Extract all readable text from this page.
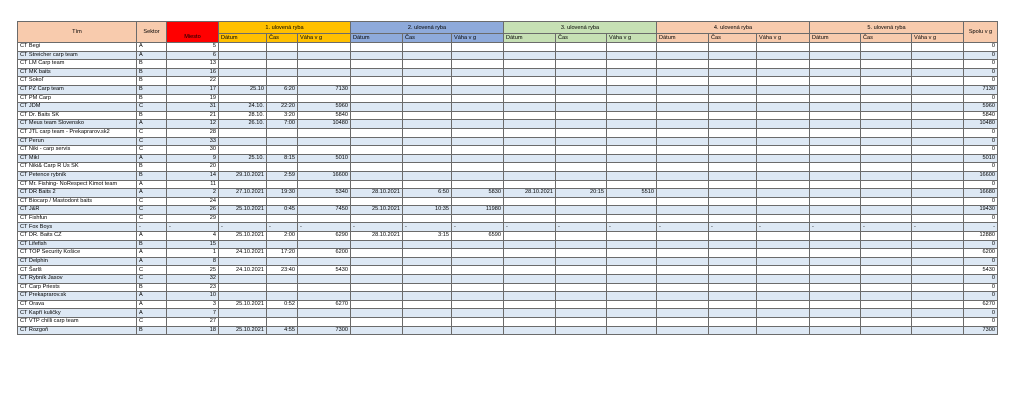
Tím	Sektor	Miesto	1. ulovená ryba			2. ulovená ryba			3. ulovená ryba			4. ulovená ryba			5. ulovená ryba			Spolu v g
			Dátum	Čas	Váha v g	Dátum	Čas	Váha v g	Dátum	Čas	Váha v g	Dátum	Čas	Váha v g	Dátum	Čas	Váha v g	
CT Begi	A	5																0
CT Streicher carp team	A	6																0
CT LM Carp team	B	13																0
CT MK baits	B	16																0
CT Sokoľ	B	22																0
CT PZ Carp team	B	17	25.10	6:20	7130													7130
CT PM Carp	B	19																0
CT JDM	C	31	24.10.	22:20	5960													5960
CT Dr. Baits SK	B	21	28.10.	3:20	5840													5840
CT Meus team Slovensko	A	12	26.10.	7:00	10480													10480
CT JTL carp team - Prekaprarov.sk2	C	28																0
CT Perun	C	33																0
CT Niki - carp servis	C	30																0
CT Mikl	A	9	25.10.	8:15	5010													5010
CT Niki& Carp R Us SK	B	20																0
CT Petence rybník	B	14	29.10.2021	2:59	16600													16600
CT Mr. Fishing- NoRespect Kimot team	A	11																0
CT DR Baits 2	A	2	27.10.2021	19:30	5340	28.10.2021	6:50	5830	28.10.2021	20:15	5510							16680
CT Biocarp / Mastodont baits	C	24																0
CT J&R	C	26	25.10.2021	0:45	7450	25.10.2021	10:35	11980										19430
CT Fishfun	C	29																0
CT Fox Boys	-	-	-	-	-	-	-	-	-	-	-	-	-	-	-	-	-	-
CT DR. Baits CZ	A	4	25.10.2021	2:00	6290	28.10.2021	3:15	6590										12880
CT Lifefish	B	15																0
CT TOP Security Košice	A	1	24.10.2021	17:20	6200													6200
CT Delphin	A	8																0
CT Šarlš	C	25	24.10.2021	23:40	5430													5430
CT Rybník Jasov	C	32																0
CT Carp Priests	B	23																0
CT Prekaprarov.sk	A	10																0
CT Orava	A	3	25.10.2021	0:52	6270													6270
CT Kapří kuličky	A	7																0
CT VTP chilli carp team	C	27																0
CT Rozgoň	B	18	25.10.2021	4:55	7300													7300
